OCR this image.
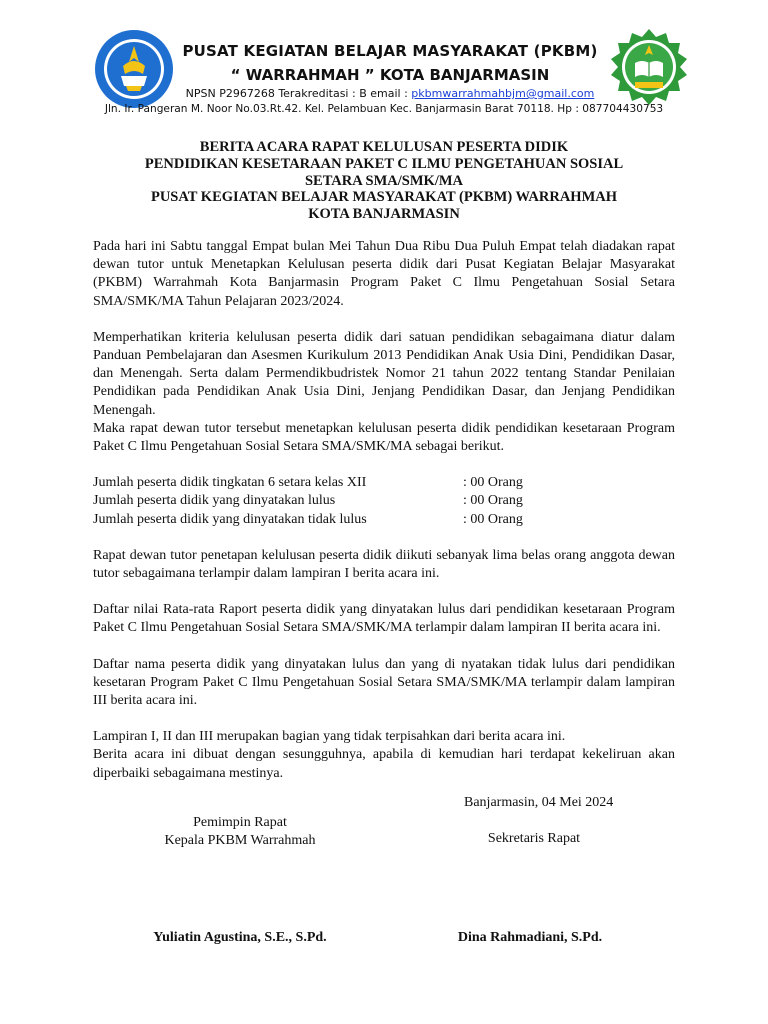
PUSAT KEGIATAN BELAJAR MASYARAKAT (PKBM)
“ WARRAHMAH ” KOTA BANJARMASIN
NPSN P2967268 Terakreditasi : B email : pkbmwarrahmahbjm@gmail.com
Jln. Ir. Pangeran M. Noor No.03.Rt.42. Kel. Pelambuan Kec. Banjarmasin Barat 70118. Hp : 087704430753
BERITA ACARA RAPAT KELULUSAN PESERTA DIDIK
PENDIDIKAN KESETARAAN PAKET C ILMU PENGETAHUAN SOSIAL
SETARA SMA/SMK/MA
PUSAT KEGIATAN BELAJAR MASYARAKAT (PKBM) WARRAHMAH
KOTA BANJARMASIN

Pada hari ini Sabtu tanggal Empat bulan Mei Tahun Dua Ribu Dua Puluh Empat telah diadakan rapat dewan tutor untuk Menetapkan Kelulusan peserta didik dari Pusat Kegiatan Belajar Masyarakat (PKBM) Warrahmah Kota Banjarmasin Program Paket C Ilmu Pengetahuan Sosial Setara SMA/SMK/MA Tahun Pelajaran 2023/2024.

Memperhatikan kriteria kelulusan peserta didik dari satuan pendidikan sebagaimana diatur dalam Panduan Pembelajaran dan Asesmen Kurikulum 2013 Pendidikan Anak Usia Dini, Pendidikan Dasar, dan Menengah. Serta dalam Permendikbudristek Nomor 21 tahun 2022 tentang Standar Penilaian Pendidikan pada Pendidikan Anak Usia Dini, Jenjang Pendidikan Dasar, dan Jenjang Pendidikan Menengah.

Maka rapat dewan tutor tersebut menetapkan kelulusan peserta didik pendidikan kesetaraan Program Paket C Ilmu Pengetahuan Sosial Setara SMA/SMK/MA sebagai berikut.

Jumlah peserta didik tingkatan 6 setara kelas XII	: 00 Orang
Jumlah peserta didik yang dinyatakan lulus	: 00 Orang
Jumlah peserta didik yang dinyatakan tidak lulus	: 00 Orang

Rapat dewan tutor penetapan kelulusan peserta didik diikuti sebanyak lima belas orang anggota dewan tutor sebagaimana terlampir dalam lampiran I berita acara ini.

Daftar nilai Rata-rata Raport peserta didik yang dinyatakan lulus dari pendidikan kesetaraan Program Paket C Ilmu Pengetahuan Sosial Setara SMA/SMK/MA terlampir dalam lampiran II berita acara ini.

Daftar nama peserta didik yang dinyatakan lulus dan yang di nyatakan tidak lulus dari pendidikan kesetaran Program Paket C Ilmu Pengetahuan Sosial Setara SMA/SMK/MA terlampir dalam lampiran III berita acara ini.

Lampiran I, II dan III merupakan bagian yang tidak terpisahkan dari berita acara ini.

Berita acara ini dibuat dengan sesungguhnya, apabila di kemudian hari terdapat kekeliruan akan diperbaiki sebagaimana mestinya.

Banjarmasin, 04 Mei 2024
Pemimpin Rapat
Kepala PKBM Warrahmah	Sekretaris Rapat
Yuliatin Agustina, S.E., S.Pd.	Dina Rahmadiani, S.Pd.
